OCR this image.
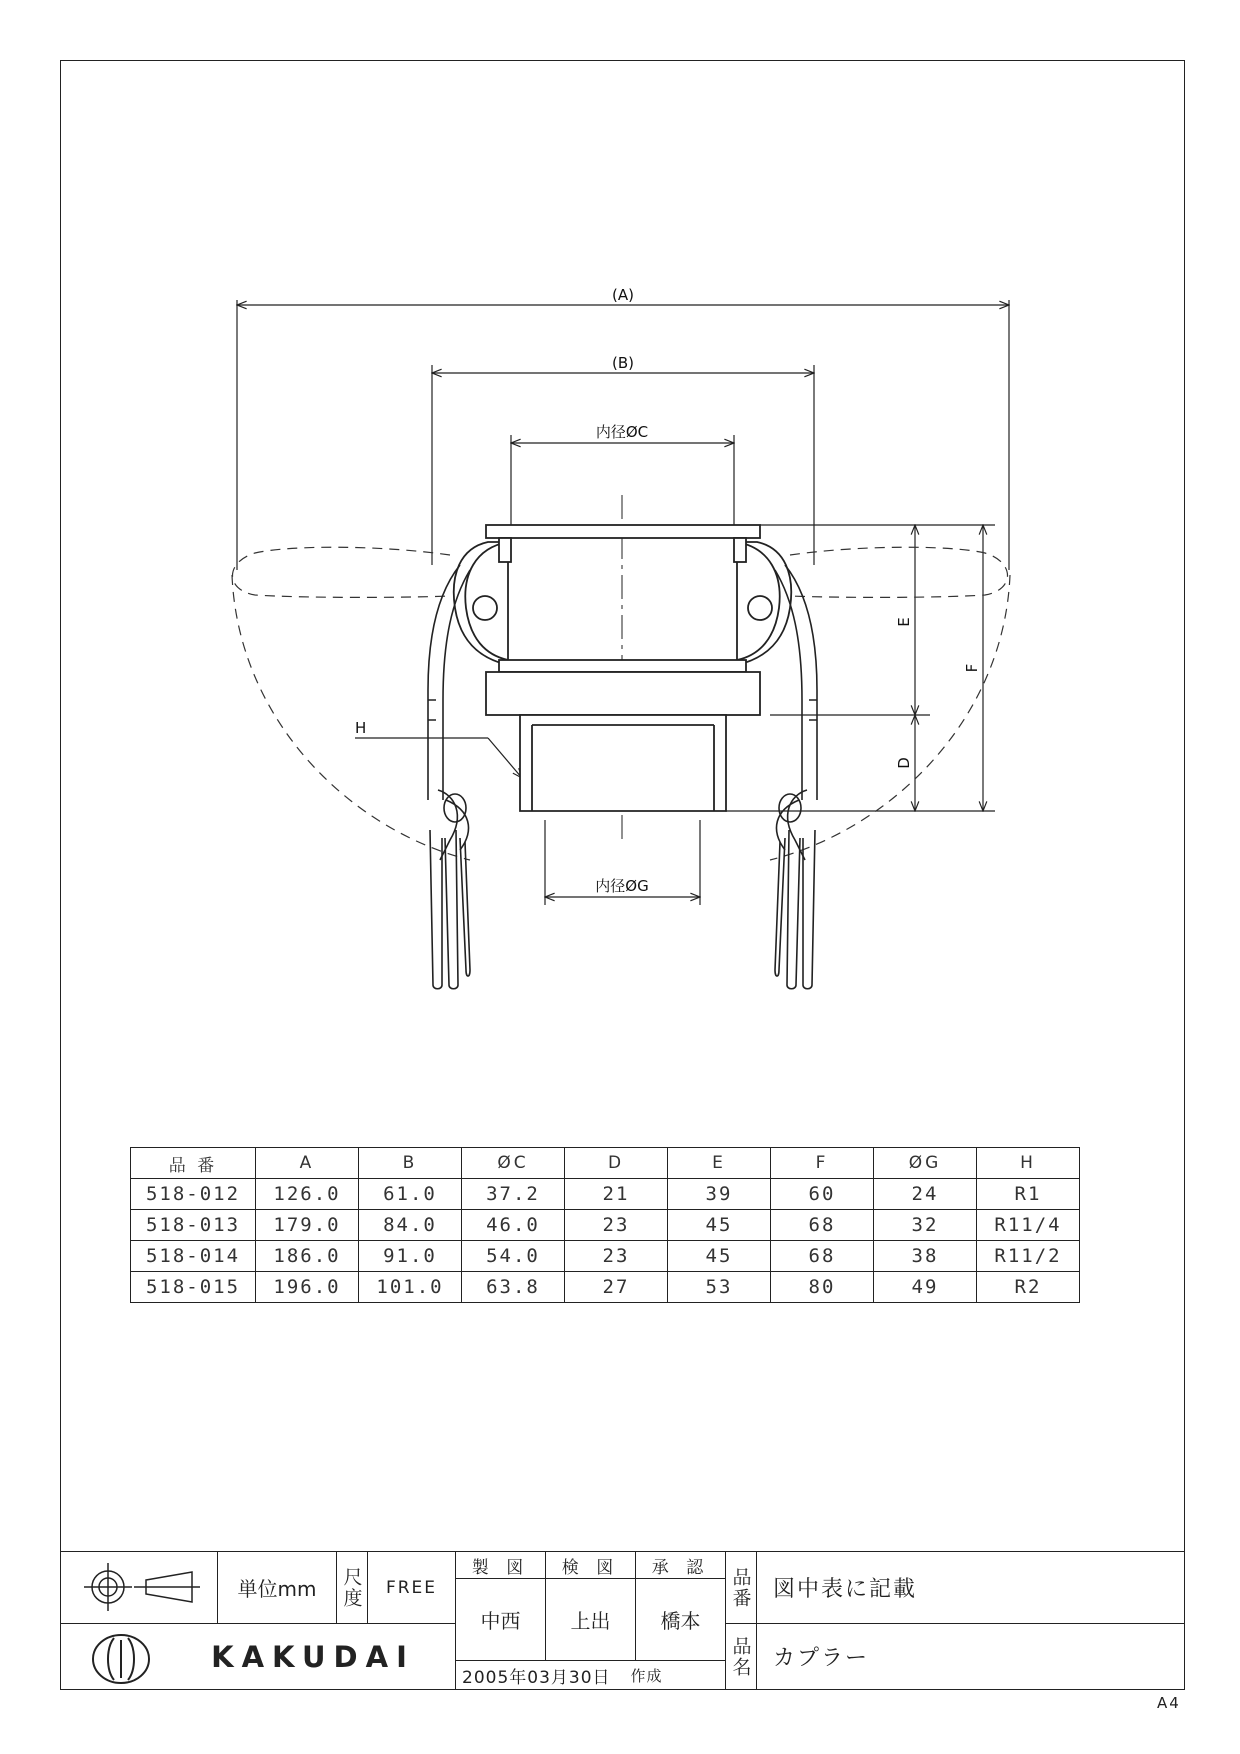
(A)
(B)
内径ØC
内径ØG
H
E
F
D
品 番	A	B	ØC	D	E	F	ØG	H
518-012	126.0	61.0	37.2	21	39	60	24	R1
518-013	179.0	84.0	46.0	23	45	68	32	R11/4
518-014	186.0	91.0	54.0	23	45	68	38	R11/2
518-015	196.0	101.0	63.8	27	53	80	49	R2
単位mm	尺度	FREE
KAKUDAI
製 図	検 図	承 認
中西	上出	橋本
2005年03月30日 作成
品番 図中表に記載
品名 カプラー
A4
